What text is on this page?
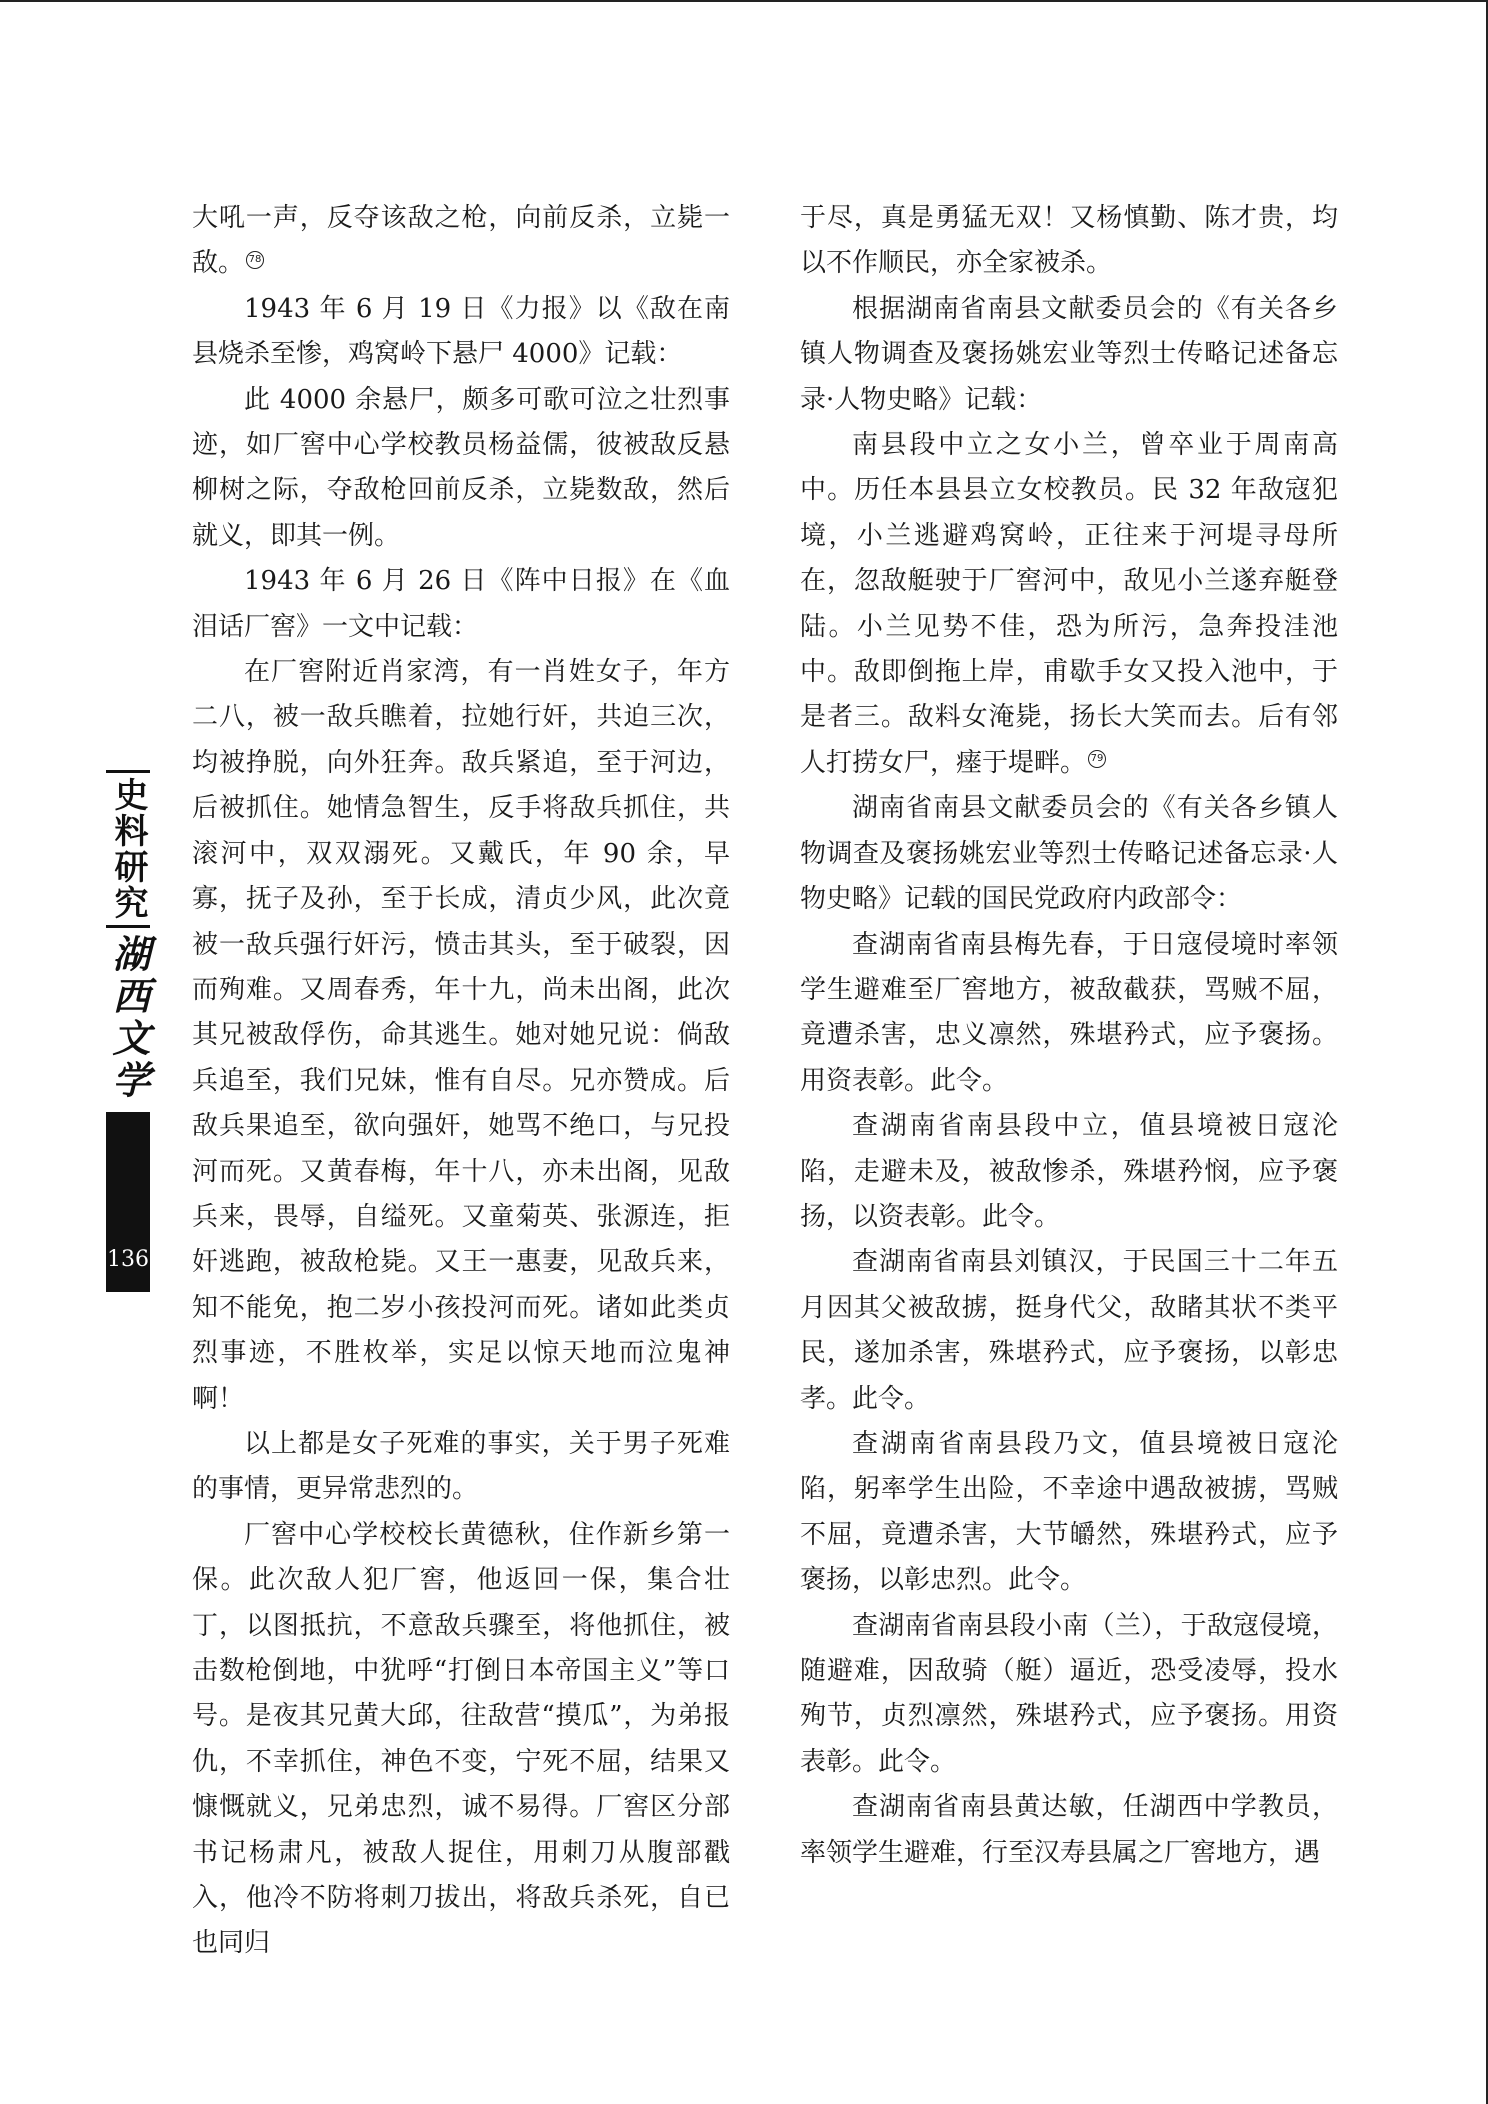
史料研究
湖西文学
136

大吼一声，反夺该敌之枪，向前反杀，立毙一敌。 78

1943 年 6 月 19 日《力报》以《敌在南县烧杀至惨，鸡窝岭下悬尸 4000》记载：

此 4000 余悬尸，颇多可歌可泣之壮烈事迹，如厂窖中心学校教员杨益儒，彼被敌反悬柳树之际，夺敌枪回前反杀，立毙数敌，然后就义，即其一例。

1943 年 6 月 26 日《阵中日报》在《血泪话厂窖》一文中记载：

在厂窖附近肖家湾，有一肖姓女子，年方二八，被一敌兵瞧着，拉她行奸，共迫三次，均被挣脱，向外狂奔。敌兵紧追，至于河边，后被抓住。她情急智生，反手将敌兵抓住，共滚河中，双双溺死。又戴氏，年 90 余，早寡，抚子及孙，至于长成，清贞少风，此次竟被一敌兵强行奸污，愤击其头，至于破裂，因而殉难。又周春秀，年十九，尚未出阁，此次其兄被敌俘伤，命其逃生。她对她兄说：倘敌兵追至，我们兄妹，惟有自尽。兄亦赞成。后敌兵果追至，欲向强奸，她骂不绝口，与兄投河而死。又黄春梅，年十八，亦未出阁，见敌兵来，畏辱，自缢死。又童菊英、张源连，拒奸逃跑，被敌枪毙。又王一惠妻，见敌兵来，知不能免，抱二岁小孩投河而死。诸如此类贞烈事迹，不胜枚举，实足以惊天地而泣鬼神啊！

以上都是女子死难的事实，关于男子死难的事情，更异常悲烈的。

厂窖中心学校校长黄德秋，住作新乡第一保。此次敌人犯厂窖，他返回一保，集合壮丁，以图抵抗，不意敌兵骤至，将他抓住，被击数枪倒地，中犹呼“打倒日本帝国主义”等口号。是夜其兄黄大邱，往敌营“摸瓜”，为弟报仇，不幸抓住，神色不变，宁死不屈，结果又慷慨就义，兄弟忠烈，诚不易得。厂窖区分部书记杨肃凡，被敌人捉住，用刺刀从腹部戳入，他冷不防将刺刀拔出，将敌兵杀死，自已也同归

于尽，真是勇猛无双！又杨慎勤、陈才贵，均以不作顺民，亦全家被杀。

根据湖南省南县文献委员会的《有关各乡镇人物调查及褒扬姚宏业等烈士传略记述备忘录·人物史略》记载：

南县段中立之女小兰，曾卒业于周南高中。历任本县县立女校教员。民 32 年敌寇犯境，小兰逃避鸡窝岭，正往来于河堤寻母所在，忽敌艇驶于厂窖河中，敌见小兰遂弃艇登陆。小兰见势不佳，恐为所污，急奔投洼池中。敌即倒拖上岸，甫歇手女又投入池中，于是者三。敌料女淹毙，扬长大笑而去。后有邻人打捞女尸，瘗于堤畔。 79

湖南省南县文献委员会的《有关各乡镇人物调查及褒扬姚宏业等烈士传略记述备忘录·人物史略》记载的国民党政府内政部令：

查湖南省南县梅先春，于日寇侵境时率领学生避难至厂窖地方，被敌截获，骂贼不屈，竟遭杀害，忠义凛然，殊堪矜式，应予褒扬。用资表彰。此令。

查湖南省南县段中立，值县境被日寇沦陷，走避未及，被敌惨杀，殊堪矜悯，应予褒扬，以资表彰。此令。

查湖南省南县刘镇汉，于民国三十二年五月因其父被敌掳，挺身代父，敌睹其状不类平民，遂加杀害，殊堪矜式，应予褒扬，以彰忠孝。此令。

查湖南省南县段乃文，值县境被日寇沦陷，躬率学生出险，不幸途中遇敌被掳，骂贼不屈，竟遭杀害，大节皭然，殊堪矜式，应予褒扬，以彰忠烈。此令。

查湖南省南县段小南（兰），于敌寇侵境，随避难，因敌骑（艇）逼近，恐受凌辱，投水殉节，贞烈凛然，殊堪矜式，应予褒扬。用资表彰。此令。

查湖南省南县黄达敏，任湖西中学教员，率领学生避难，行至汉寿县属之厂窖地方，遇
